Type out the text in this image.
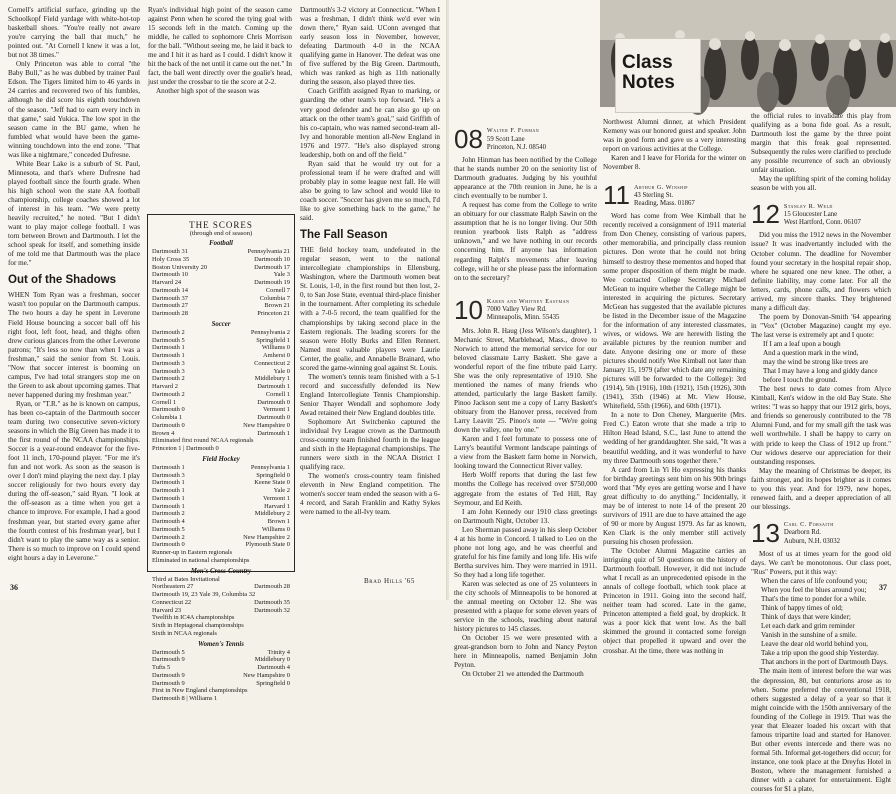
Cornell's artificial surface, grinding up the Schoolkopf Field yardage with white-hot-top basketball shoes. "You're really not aware you're carrying the ball that much," he pointed out. "At Cornell I knew it was a lot, but not 38 times."

Only Princeton was able to corral "the Baby Bull," as he was dubbed by trainer Paul Edson. The Tigers limited him to 46 yards in 24 carries and recovered two of his fumbles, although he did score his eighth touchdown of the season. "Jeff had to earn every inch in that game," said Yukica. The low spot in the season came in the BU game, when he fumbled what would have been the game-winning touchdown into the end zone. "That was like a nightmare," conceded Dufresne.

White Bear Lake is a suburb of St. Paul, Minnesota, and that's where Dufresne had played football since the fourth grade. When his high school won the state AA football championship, college coaches showed a lot of interest in his team. "We were pretty heavily recruited," he noted. "But I didn't want to play major college football. I was torn between Brown and Dartmouth. I let the school speak for itself, and something inside of me told me that Dartmouth was the place for me."

Out of the Shadows

WHEN Tom Ryan was a freshman, soccer wasn't too popular on the Dartmouth campus. The two hours a day he spent in Leverone Field House bouncing a soccer ball off his right foot, left foot, head, and thighs often drew curious glances from the other Leverone patrons; "It's less so now than when I was a freshman," said the senior from St. Louis. "Now that soccer interest is booming on campus, I've had total strangers stop me on the Green to ask about upcoming games. That never happened during my freshman year."

Ryan, or "T.R." as he is known on campus, has been co-captain of the Dartmouth soccer team during two consecutive seven-victory seasons in which the Big Green has made it to the first round of the NCAA championships. Soccer is a year-round endeavor for the five-foot 11 inch, 170-pound player. "For me it's fun and not work. As soon as the season is over I don't mind playing the next day. I play soccer religiously for two hours every day during the off-season," said Ryan. "I look at the off-season as a time when you get a chance to improve. For example, I had a good freshman year, but started every game after the fourth contest of his freshman year], but I didn't want to play the same way as a senior. There is so much to improve on I could spend eight hours a day in Leverone."

Ryan's individual high point of the season came against Penn when he scored the tying goal with 15 seconds left in the match. Coming up the middle, he called to sophomore Chris Morrison for the ball. "Without seeing me, he laid it back to me and I hit it as hard as I could. I didn't know it hit the back of the net until it came out the net." In fact, the ball went directly over the goalie's head, just under the crossbar to tie the score at 2-2.

Another high spot of the season was

THE SCORES
(through end of season)
Football
Dartmouth 31	Pennsylvania 21
Holy Cross 35	Dartmouth 10
Boston University 20	Dartmouth 17
Dartmouth 10	Yale 3
Harvard 24	Dartmouth 19
Dartmouth 14	Cornell 7
Dartmouth 37	Columbia 7
Dartmouth 27	Brown 21
Dartmouth 28	Princeton 21
Soccer
Dartmouth 2	Pennsylvania 2
Dartmouth 5	Springfield 1
Dartmouth 1	Williams 0
Dartmouth 1	Amherst 0
Dartmouth 3	Connecticut 2
Dartmouth 3	Yale 0
Dartmouth 2	Middlebury 1
Harvard 2	Dartmouth 1
Dartmouth 2	Cornell 1
Cornell 1	Dartmouth 0
Dartmouth 0	Vermont 1
Columbia 1	Dartmouth 0
Dartmouth 0	New Hampshire 0
Brown 4	Dartmouth 1
Eliminated first round NCAA regionals
Princeton 1 | Dartmouth 0
Field Hockey
Dartmouth 1	Pennsylvania 1
Dartmouth 3	Springfield 0
Dartmouth 1	Keene State 0
Dartmouth 1	Yale 2
Dartmouth 1	Vermont 1
Dartmouth 1	Harvard 1
Dartmouth 2	Middlebury 2
Dartmouth 4	Brown 1
Dartmouth 5	Williams 0
Dartmouth 2	New Hampshire 2
Dartmouth 0	Plymouth State 0
Runner-up in Eastern regionals
Eliminated in national championships
Men's Cross-Country
Third at Bates Invitational
Northeastern 27	Dartmouth 28
Dartmouth 19, 23 Yale 39, Columbia 32
Connecticut 22	Dartmouth 35
Harvard 23	Dartmouth 32
Twelfth in IC4A championships
Sixth in Heptagonal championships
Sixth in NCAA regionals
Women's Tennis
Dartmouth 5	Trinity 4
Dartmouth 9	Middlebury 0
Tufts 5	Dartmouth 4
Dartmouth 9	New Hampshire 0
Dartmouth 9	Springfield 0
First in New England championships
Dartmouth 8 | Williams 1

Dartmouth's 3-2 victory at Connecticut. "When I was a freshman, I didn't think we'd ever win down there," Ryan said. UConn avenged that early season loss in November, however, defeating Dartmouth 4-0 in the NCAA qualifying game in Hanover. The defeat was one of five suffered by the Big Green. Dartmouth, which was ranked as high as 11th nationally during the season, also played three ties.

Coach Griffith assigned Ryan to marking, or guarding the other team's top forward. "He's a very good defender and he can also go up on attack on the other team's goal," said Griffith of his co-captain, who was named second-team all-Ivy and honorable mention all-New England in 1976 and 1977. "He's also displayed strong leadership, both on and off the field."

Ryan said that he would try out for a professional team if he were drafted and will probably play in some league next fall. He will also be going to law school and would like to coach soccer. "Soccer has given me so much, I'd like to give something back to the game," he said.

The Fall Season

THE field hockey team, undefeated in the regular season, went to the national intercollegiate championships in Ellensburg, Washington, where the Dartmouth women beat St. Louis, 1-0, in the first round but then lost, 2-0, to San Jose State, eventual third-place finisher in the tournament. After completing its schedule with a 7-0-5 record, the team qualified for the championships by taking second place in the Eastern regionals. The leading scorers for the season were Holly Burks and Ellen Rennert. Named most valuable players were Laurie Center, the goalie, and Annabelle Brainard, who scored the game-winning goal against St. Louis.

The women's tennis team finished with a 5-1 record and successfully defended its New England Intercollegiate Tennis Championship. Senior Thayer Wendall and sophomore Jody Awad retained their New England doubles title.

Sophomore Art Switchenko captured the individual Ivy League crown as the Dartmouth cross-country team finished fourth in the league and sixth in the Heptagonal championships. The runners were sixth in the NCAA District I qualifying race.

The women's cross-country team finished eleventh in New England competition. The women's soccer team ended the season with a 6-4 record, and Sarah Franklin and Kathy Sykes were named to the all-Ivy team.

Brad Hills '65
36
Class
Notes
08 Walter F. Furman
59 Scott Lane
Princeton, N.J. 08540

John Hinman has been notified by the College that he stands number 20 on the seniority list of Dartmouth graduates. Judging by his youthful appearance at the 70th reunion in June, he is a cinch eventually to be number 1.

A request has come from the College to write an obituary for our classmate Ralph Sawin on the assumption that he is no longer living. Our 50th reunion yearbook lists Ralph as "address unknown," and we have nothing in our records concerning him. If anyone has information regarding Ralph's movements after leaving college, will he or she please pass the information on to the secretary?

10 Karen and Whitney Eastman
7000 Valley View Rd.
Minneapolis, Minn. 55435

Mrs. John R. Haug (Jess Wilson's daughter), 1 Mechanic Street, Marblehead, Mass., drove to Norwich to attend the memorial service for our beloved classmate Larry Baskett. She gave a wonderful report of the fine tribute paid Larry. She was the only representative of 1910. She mentioned the names of many friends who attended, particularly the large Baskett family. Pinoo Jackson sent me a copy of Larry Baskett's obituary from the Hanover press, received from Larry Leavitt '25. Pinoo's note — "We're going down the valley, one by one."

Karen and I feel fortunate to possess one of Larry's beautiful Vermont landscape paintings of a view from the Baskett farm home in Norwich, looking toward the Connecticut River valley.

Herb Wolff reports that during the last few months the College has received over $750,000 aggregate from the estates of Ted Hill, Ray Seymour, and Ed Keith.

I am John Kennedy our 1910 class greetings on Dartmouth Night, October 13.

Leo Sherman passed away in his sleep October 4 at his home in Concord. I talked to Leo on the phone not long ago, and he was cheerful and grateful for his fine family and long life. His wife Bertha survives him. They were married in 1911. So they had a long life together.

Karen was selected as one of 25 volunteers in the city schools of Minneapolis to be honored at the annual meeting on October 12. She was presented with a plaque for some eleven years of service in the schools, teaching about natural history pictures to 145 classes.

On October 15 we were presented with a great-grandson born to John and Nancy Peyton here in Minneapolis, named Benjamin John Peyton.

On October 21 we attended the Dartmouth

Northwest Alumni dinner, at which President Kemeny was our honored guest and speaker. John was in good form and gave us a very interesting report on various activities at the College.

Karen and I leave for Florida for the winter on November 8.

11 Arthur G. Winship
43 Sterling St.
Reading, Mass. 01867

Word has come from Wee Kimball that he recently received a consignment of 1911 material from Don Cheney, consisting of various papers, other memorabilia, and principally class reunion pictures. Don wrote that he could not bring himself to destroy these mementos and hoped that some proper disposition of them might be made. Wee contacted College Secretary Michael McGean to inquire whether the College might be interested in acquiring the pictures. Secretary McGean has suggested that the available pictures be listed in the December issue of the Magazine for the information of any interested classmates, wives, or widows. We are herewith listing the available pictures by the reunion number and date. Anyone desiring one or more of these pictures should notify Wee Kimball not later than January 15, 1979 (after which date any remaining pictures will be forwarded to the College): 3rd (1914), 5th (1916), 10th (1921), 15th (1926), 30th (1941), 35th (1946) at Mt. View House, Whitefield, 55th (1966), and 60th (1971).

In a note to Don Cheney, Marguerite (Mrs. Fred C.) Eaton wrote that she made a trip to Hilton Head Island, S.C., last June to attend the wedding of her granddaughter. She said, "It was a beautiful wedding, and it was wonderful to have my three Dartmouth sons together there."

A card from Lin Yi Ho expressing his thanks for birthday greetings sent him on his 90th brings word that "My eyes are getting worse and I have great difficulty to do anything." Incidentally, it may be of interest to note 14 of the present 20 survivors of 1911 are due to have attained the age of 90 or more by August 1979. As far as known, Ken Clark is the only member still actively pursuing his chosen profession.

The October Alumni Magazine carries an intriguing quiz of 50 questions on the history of Dartmouth football. However, it did not include what I recall as an unprecedented episode in the annals of college football, which took place at Princeton in 1911. Going into the second half, neither team had scored. Late in the game, Princeton attempted a field goal, by dropkick. It was a poor kick that went low. As the ball skimmed the ground it contacted some foreign object that propelled it upward and over the crossbar. At the time, there was nothing in

the official rules to invalidate this play from qualifying as a bona fide goal. As a result, Dartmouth lost the game by the three point margin that this freak goal represented. Subsequently the rules were clarified to preclude any possible recurrence of such an obviously unfair situation.

May the uplifting spirit of the coming holiday season be with you all.

12 Stanley R. Weld
15 Gloucester Lane
West Hartford, Conn. 06107

Did you miss the 1912 news in the November issue? It was inadvertantly included with the October column. The deadline for November found your secretary in the hospital repair shop, where he squared one new knee. The other, a definite liability, may come later. For all the letters, cards, phone calls, and flowers which arrived, my sincere thanks. They brightened many a difficult day.

The poem by Donovan-Smith '64 appearing in "Vox" (October Magazine) caught my eye. The last verse is extremely apt and I quote:

If I am a leaf upon a bough

And a question mark in the wind,

may the wind be strong like trees are

That I may have a long and giddy dance

before I touch the ground.

The best news to date comes from Alyce Kimball, Ken's widow in the old Bay State. She writes: "I was so happy that our 1912 girls, boys, and friends so generously contributed to the '78 Alumni Fund, and for my small gift the task was well worthwhile. I shall be happy to carry on with pride to keep the Class of 1912 up front." Our widows deserve our appreciation for their outstanding responses.

May the meaning of Christmas be deeper, its faith stronger, and its hopes brighter as it comes to you this year. And for 1979, new hopes, renewed faith, and a deeper appreciation of all our blessings.

13 Carl C. Forsaith
Dearborn Rd.
Auburn, N.H. 03032

Most of us at times yearn for the good old days. We can't be monotonous. Our class poet, "Rus" Powers, put it this way:

When the cares of life confound you;

When you feel the blues around you;

That's the time to ponder for a while.

Think of happy times of old;

Think of days that were kinder;

Let each dark and grim reminder

Vanish in the sunshine of a smile.

Leave the dear old world behind you,

Take a trip upon the good ship Yesterday.

That anchors in the port of Dartmouth Days.

The main item of interest before the war was the depression, 80, but centurions arose as to when. Some preferred the conventional 1918, others suggested a delay of a year so that it might coincide with the 150th anniversary of the founding of the College in 1919. That was the year that Eleazer loaded his oxcart with that famous tripartite load and started for Hanover. But other events intercede and there was no formal 5th. Informal get-togethers did occur; for instance, one took place at the Dreyfus Hotel in Boston, where the management furnished a dinner with a cabaret for entertainment. Eight courses for $1 a plate,

37
